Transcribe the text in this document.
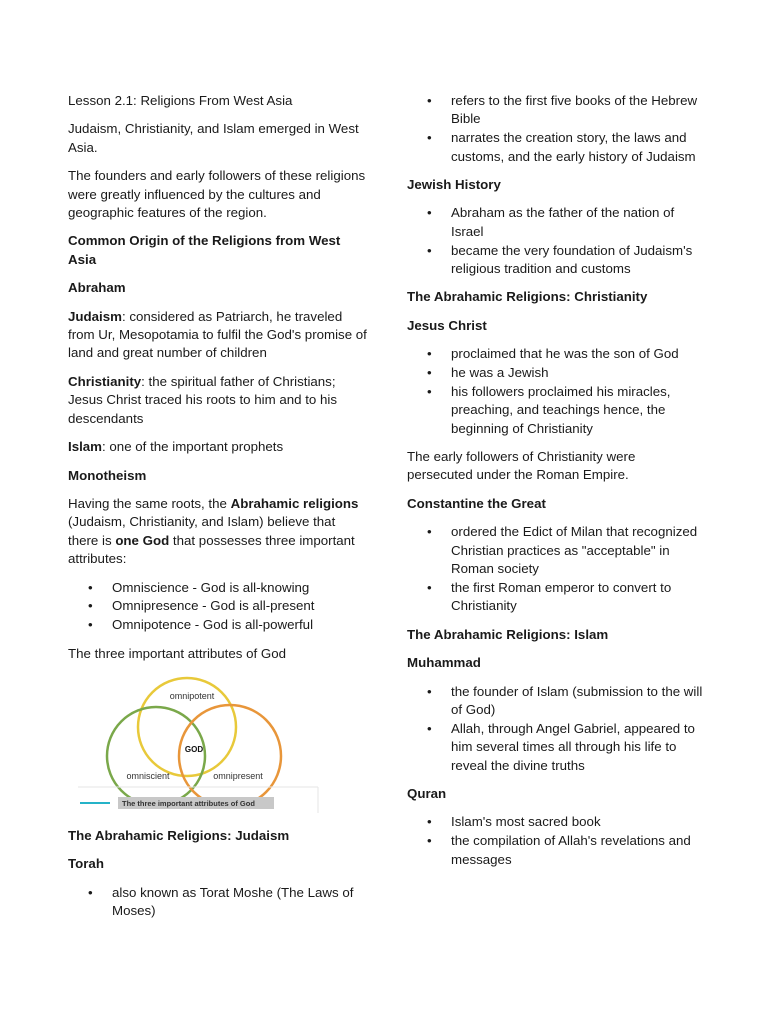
Lesson 2.1: Religions From West Asia

Judaism, Christianity, and Islam emerged in West Asia.

The founders and early followers of these religions were greatly influenced by the cultures and geographic features of the region.

Common Origin of the Religions from West Asia
Abraham

Judaism: considered as Patriarch, he traveled from Ur, Mesopotamia to fulfil the God's promise of land and great number of children

Christianity: the spiritual father of Christians; Jesus Christ traced his roots to him and to his descendants

Islam: one of the important prophets

Monotheism

Having the same roots, the Abrahamic religions (Judaism, Christianity, and Islam) believe that there is one God that possesses three important attributes:

• Omniscience - God is all-knowing
• Omnipresence - God is all-present
• Omnipotence - God is all-powerful

The three important attributes of God

omnipotent
GOD
omniscient	omnipresent
The three important attributes of God
The Abrahamic Religions: Judaism
Torah
• also known as Torat Moshe (The Laws of Moses)
• refers to the first five books of the Hebrew Bible
• narrates the creation story, the laws and customs, and the early history of Judaism
Jewish History
• Abraham as the father of the nation of Israel
• became the very foundation of Judaism's religious tradition and customs
The Abrahamic Religions: Christianity
Jesus Christ
• proclaimed that he was the son of God
• he was a Jewish
• his followers proclaimed his miracles, preaching, and teachings hence, the beginning of Christianity

The early followers of Christianity were persecuted under the Roman Empire.

Constantine the Great
• ordered the Edict of Milan that recognized Christian practices as "acceptable" in Roman society
• the first Roman emperor to convert to Christianity
The Abrahamic Religions: Islam
Muhammad
• the founder of Islam (submission to the will of God)
• Allah, through Angel Gabriel, appeared to him several times all through his life to reveal the divine truths
Quran
• Islam's most sacred book
• the compilation of Allah's revelations and messages
